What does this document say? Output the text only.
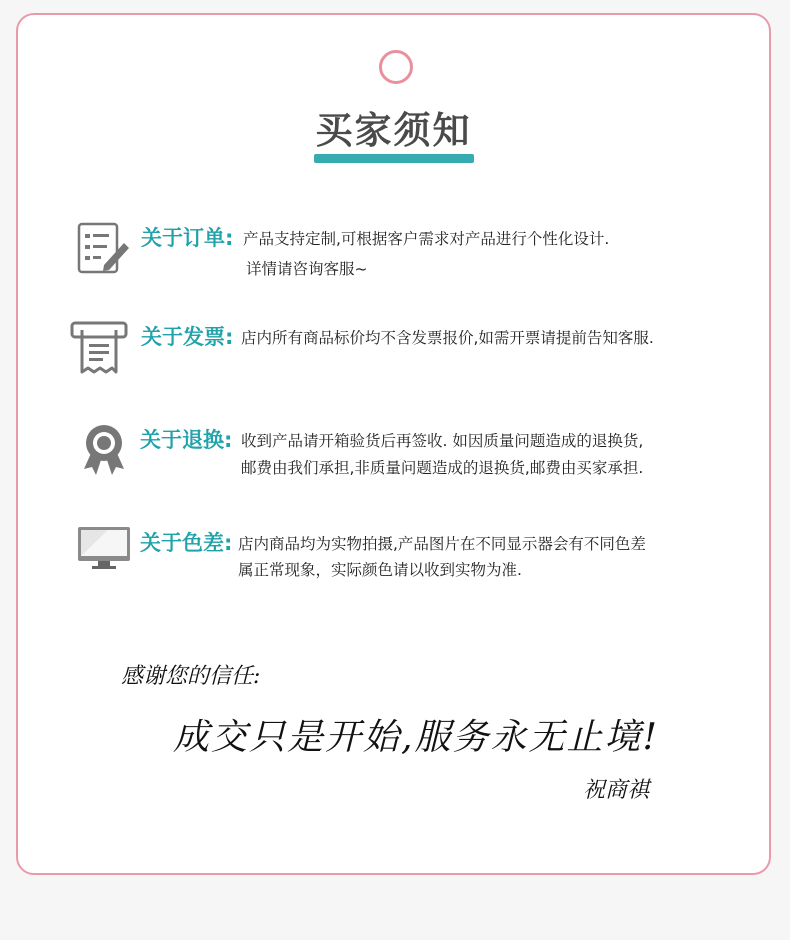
买家须知
关于订单: 产品支持定制,可根据客户需求对产品进行个性化设计.
详情请咨询客服~
关于发票: 店内所有商品标价均不含发票报价,如需开票请提前告知客服.
关于退换: 收到产品请开箱验货后再签收. 如因质量问题造成的退换货,
邮费由我们承担,非质量问题造成的退换货,邮费由买家承担.
关于色差: 店内商品均为实物拍摄,产品图片在不同显示器会有不同色差
属正常现象，实际颜色请以收到实物为准.
感谢您的信任:
成交只是开始,服务永无止境!
祝商祺
